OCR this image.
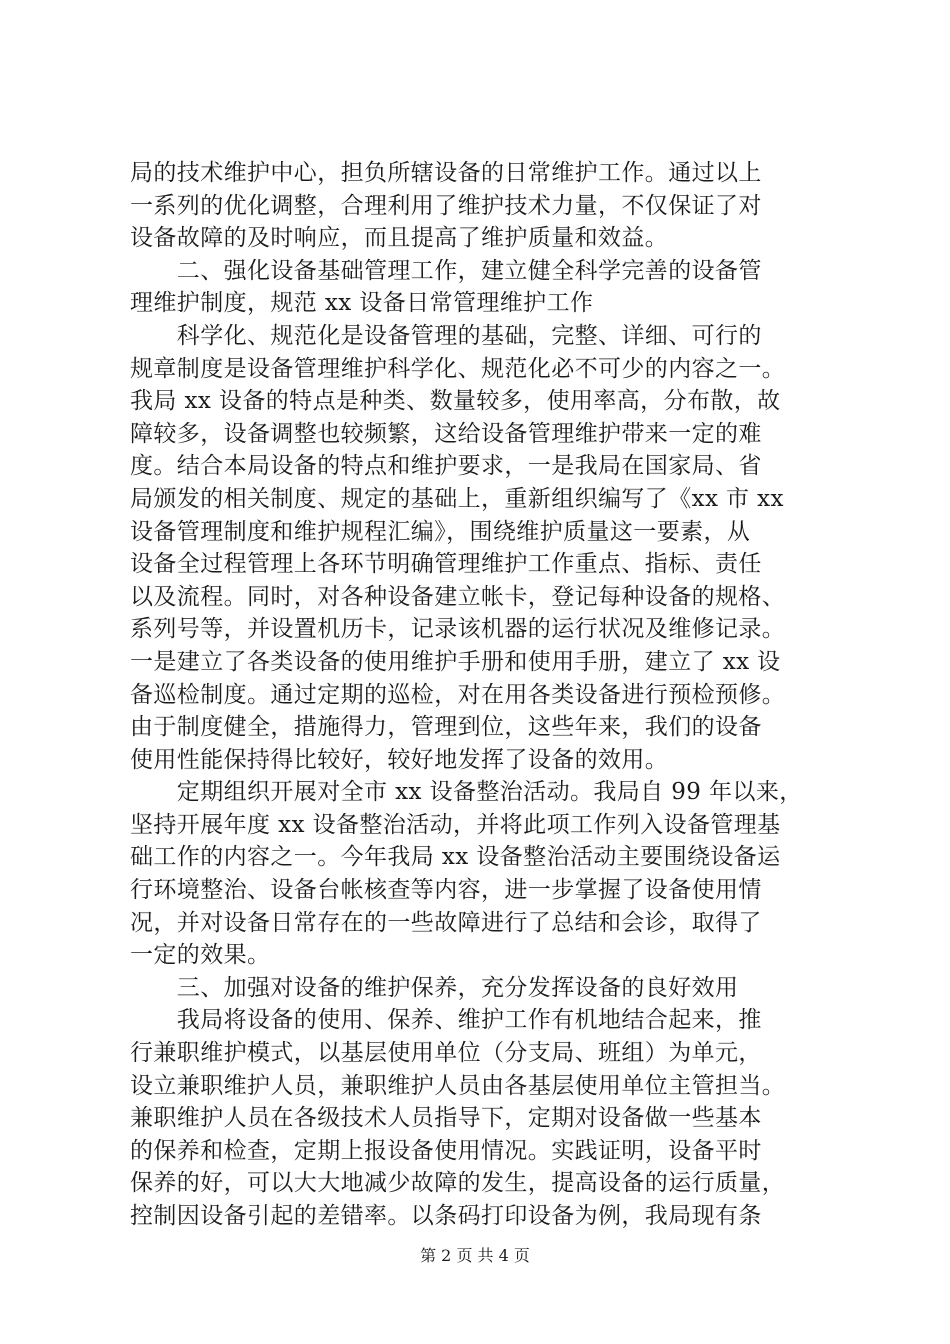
局的技术维护中心，担负所辖设备的日常维护工作。通过以上
一系列的优化调整，合理利用了维护技术力量，不仅保证了对
设备故障的及时响应，而且提高了维护质量和效益。
　　二、强化设备基础管理工作，建立健全科学完善的设备管
理维护制度，规范 xx 设备日常管理维护工作
　　科学化、规范化是设备管理的基础，完整、详细、可行的
规章制度是设备管理维护科学化、规范化必不可少的内容之一。
我局 xx 设备的特点是种类、数量较多，使用率高，分布散，故
障较多，设备调整也较频繁，这给设备管理维护带来一定的难
度。结合本局设备的特点和维护要求，一是我局在国家局、省
局颁发的相关制度、规定的基础上，重新组织编写了《xx 市 xx
设备管理制度和维护规程汇编》，围绕维护质量这一要素，从
设备全过程管理上各环节明确管理维护工作重点、指标、责任
以及流程。同时，对各种设备建立帐卡，登记每种设备的规格、
系列号等，并设置机历卡，记录该机器的运行状况及维修记录。
一是建立了各类设备的使用维护手册和使用手册，建立了 xx 设
备巡检制度。通过定期的巡检，对在用各类设备进行预检预修。
由于制度健全，措施得力，管理到位，这些年来，我们的设备
使用性能保持得比较好，较好地发挥了设备的效用。
　　定期组织开展对全市 xx 设备整治活动。我局自 99 年以来，
坚持开展年度 xx 设备整治活动，并将此项工作列入设备管理基
础工作的内容之一。今年我局 xx 设备整治活动主要围绕设备运
行环境整治、设备台帐核查等内容，进一步掌握了设备使用情
况，并对设备日常存在的一些故障进行了总结和会诊，取得了
一定的效果。
　　三、加强对设备的维护保养，充分发挥设备的良好效用
　　我局将设备的使用、保养、维护工作有机地结合起来，推
行兼职维护模式，以基层使用单位（分支局、班组）为单元，
设立兼职维护人员，兼职维护人员由各基层使用单位主管担当。
兼职维护人员在各级技术人员指导下，定期对设备做一些基本
的保养和检查，定期上报设备使用情况。实践证明，设备平时
保养的好，可以大大地减少故障的发生，提高设备的运行质量，
控制因设备引起的差错率。以条码打印设备为例，我局现有条
第 2 页 共 4 页
